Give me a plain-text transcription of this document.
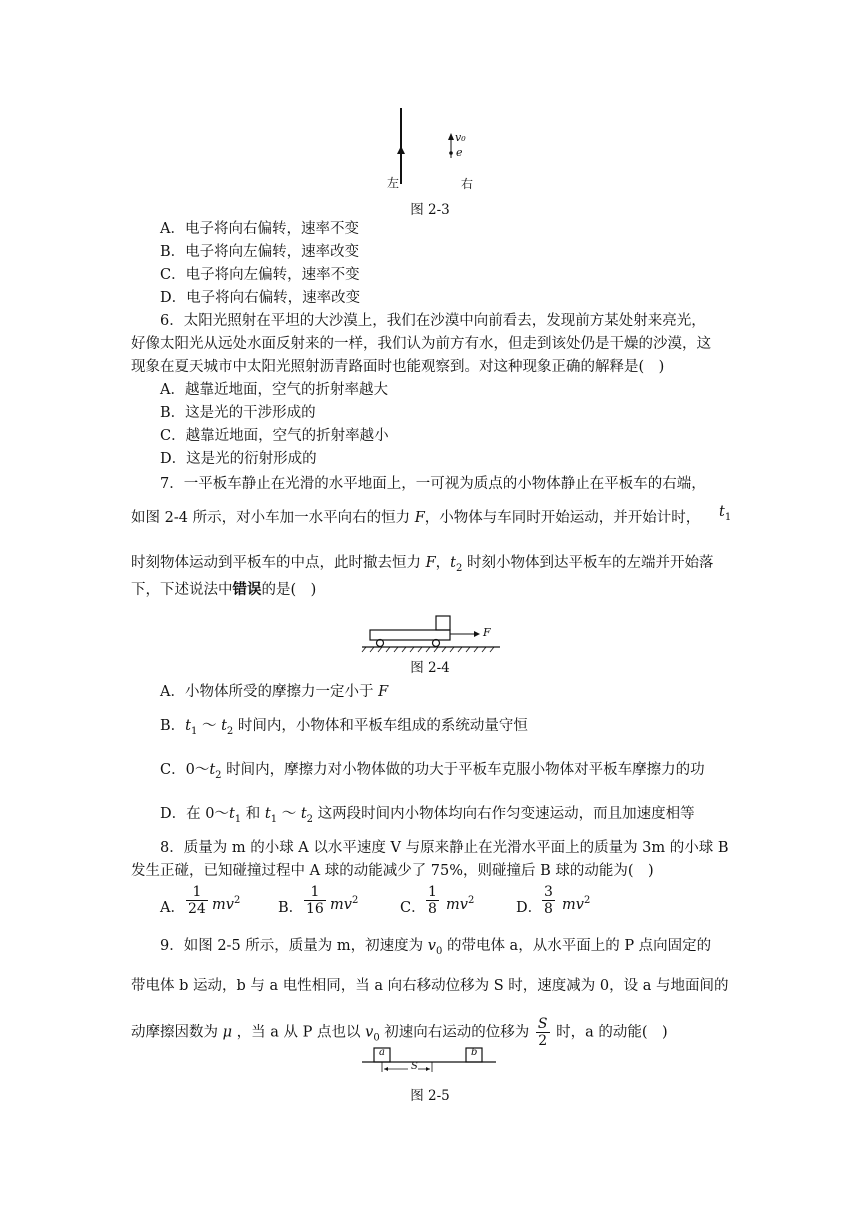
v₀
e
左	右
图 2-3
A．电子将向右偏转，速率不变
B．电子将向左偏转，速率改变
C．电子将向左偏转，速率不变
D．电子将向右偏转，速率改变
6．太阳光照射在平坦的大沙漠上，我们在沙漠中向前看去，发现前方某处射来亮光，
好像太阳光从远处水面反射来的一样，我们认为前方有水，但走到该处仍是干燥的沙漠，这
现象在夏天城市中太阳光照射沥青路面时也能观察到。对这种现象正确的解释是(　)
A．越靠近地面，空气的折射率越大
B．这是光的干涉形成的
C．越靠近地面，空气的折射率越小
D．这是光的衍射形成的
7．一平板车静止在光滑的水平地面上，一可视为质点的小物体静止在平板车的右端，
如图 2-4 所示，对小车加一水平向右的恒力 F，小物体与车同时开始运动，并开始计时， $t_1$
时刻物体运动到平板车的中点，此时撤去恒力 F，$t_2$ 时刻小物体到达平板车的左端并开始落
下，下述说法中错误的是(　)
F
图 2-4
A．小物体所受的摩擦力一定小于 F
B．$t_1$ ～ $t_2$ 时间内，小物体和平板车组成的系统动量守恒
C．$0\sim t_2$ 时间内，摩擦力对小物体做的功大于平板车克服小物体对平板车摩擦力的功
D．在 $0\sim t_1$ 和 $t_1$ ～ $t_2$ 这两段时间内小物体均向右作匀变速运动，而且加速度相等
8．质量为 m 的小球 A 以水平速度 V 与原来静止在光滑水平面上的质量为 3m 的小球 B
发生正碰，已知碰撞过程中 A 球的动能减少了 75%，则碰撞后 B 球的动能为(　)
A． $\frac{1}{24} mv^2$	B． $\frac{1}{16} mv^2$	C． $\frac{1}{8} mv^2$	D． $\frac{3}{8} mv^2$
9．如图 2-5 所示，质量为 m，初速度为 $v_0$ 的带电体 a，从水平面上的 P 点向固定的
带电体 b 运动，b 与 a 电性相同，当 a 向右移动位移为 S 时，速度减为 0，设 a 与地面间的
动摩擦因数为 μ ，当 a 从 P 点也以 $v_0$ 初速向右运动的位移为 $\frac{S}{2}$ 时，a 的动能(　)
a	b
S
图 2-5
